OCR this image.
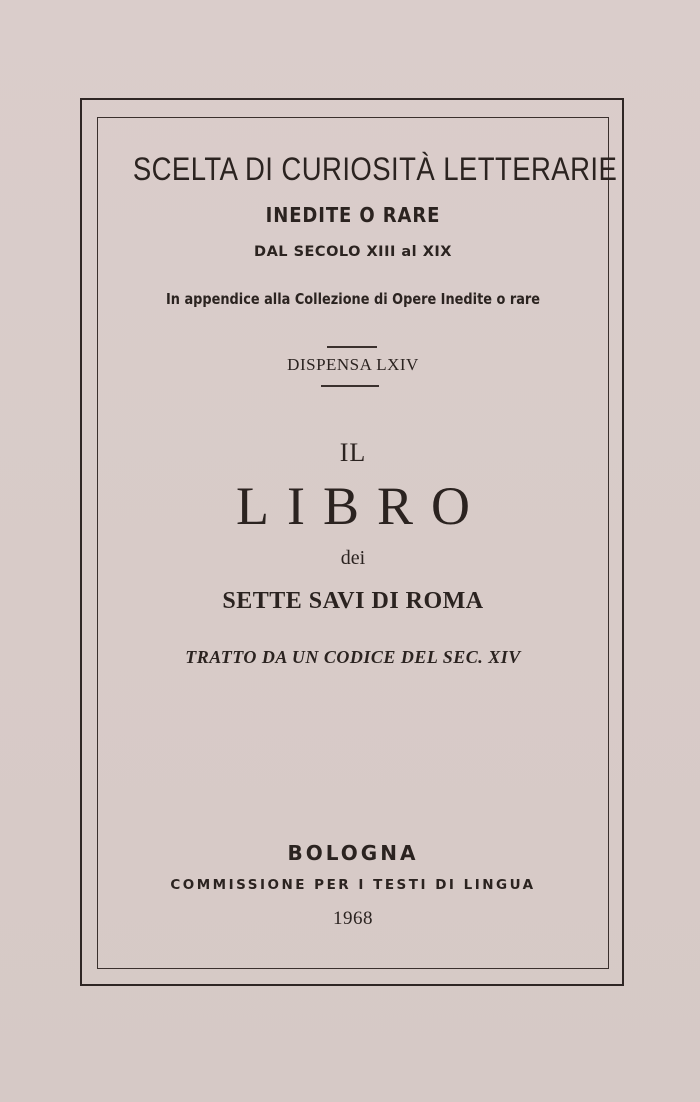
SCELTA DI CURIOSITÀ LETTERARIE
INEDITE O RARE
DAL SECOLO XIII al XIX
In appendice alla Collezione di Opere Inedite o rare
DISPENSA LXIV
IL
LIBRO
dei
SETTE SAVI DI ROMA
TRATTO DA UN CODICE DEL SEC. XIV
BOLOGNA
COMMISSIONE PER I TESTI DI LINGUA
1968
